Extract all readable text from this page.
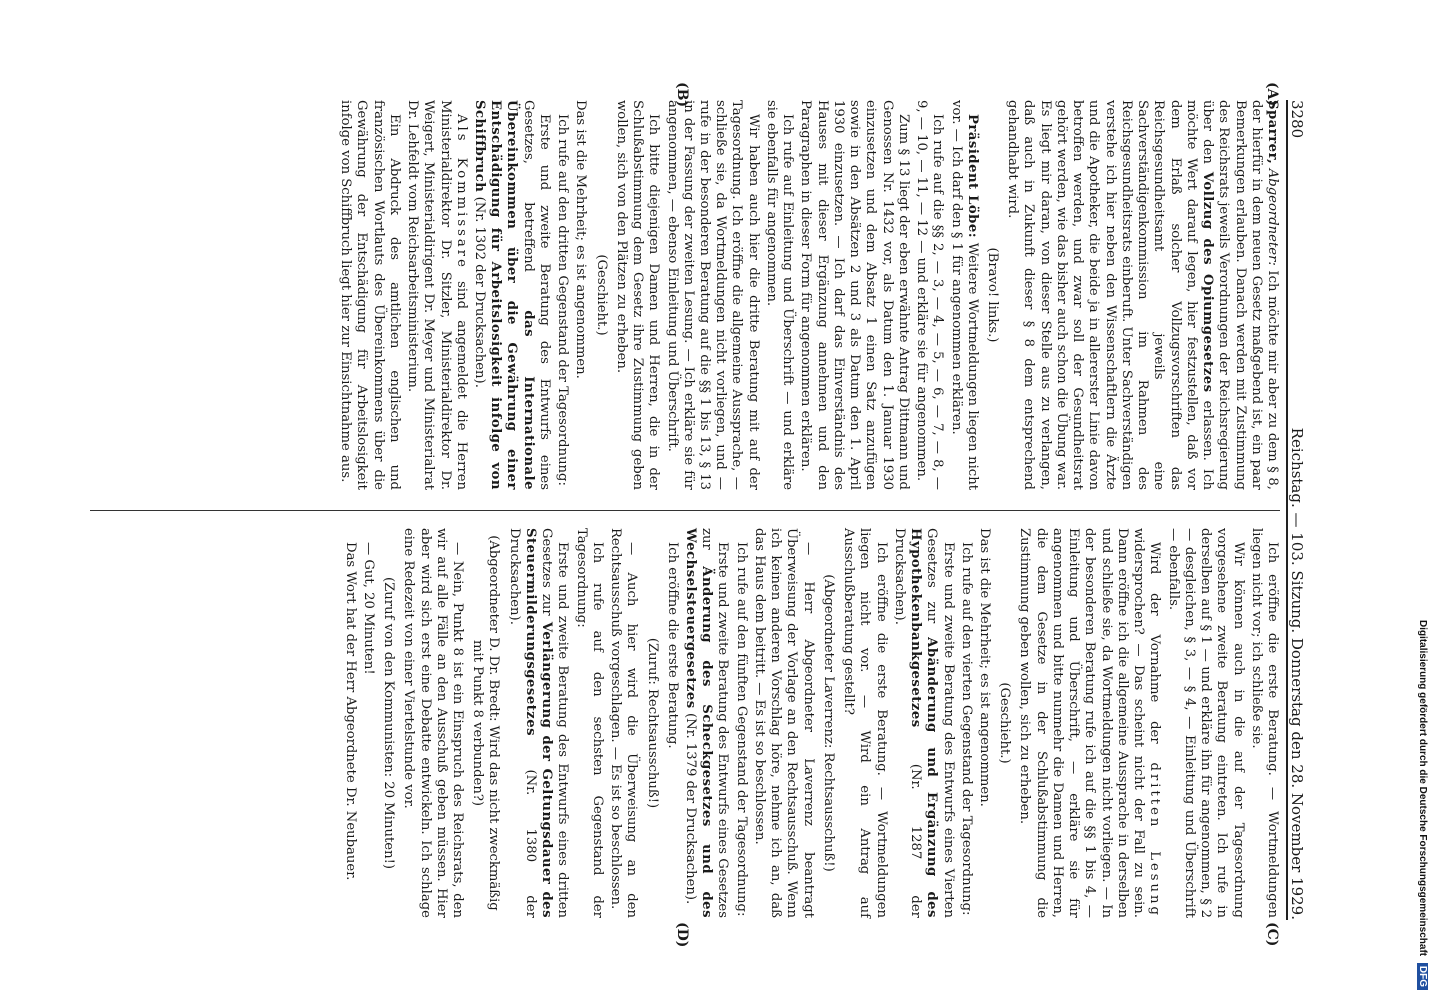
3280
Reichstag. — 103. Sitzung. Donnerstag den 28. November 1929.
(A)
(B)
(C)
(D)

Sparrer, Abgeordneter: Ich möchte mir aber zu dem § 8, der hierfür in dem neuen Gesetz maßgebend ist, ein paar Bemerkungen erlauben. Danach werden mit Zustimmung des Reichsrats jeweils Verordnungen der Reichsregierung über den Vollzug des Opiumgesetzes erlassen. Ich möchte Wert darauf legen, hier festzustellen, daß vor dem Erlaß solcher Vollzugsvorschriften das Reichsgesundheitsamt jeweils eine Sachverständigenkommission im Rahmen des Reichsgesundheitsrats einberuft. Unter Sachverständigen verstehe ich hier neben den Wissenschaftlern die Ärzte und die Apotheker, die beide ja in allererster Linie davon betroffen werden, und zwar soll der Gesundheitsrat gehört werden, wie das bisher auch schon die Übung war. Es liegt mir daran, von dieser Stelle aus zu verlangen, daß auch in Zukunft dieser § 8 dem entsprechend gehandhabt wird.

(Bravo! links.)

Präsident Löbe: Weitere Wortmeldungen liegen nicht vor. — Ich darf den § 1 für angenommen erklären.

Ich rufe auf die §§ 2, — 3, — 4, — 5, — 6, — 7, — 8, — 9, — 10, — 11, — 12 — und erkläre sie für angenommen.

Zum § 13 liegt der eben erwähnte Antrag Dittmann und Genossen Nr. 1432 vor, als Datum den 1. Januar 1930 einzusetzen und dem Absatz 1 einen Satz anzufügen sowie in den Absätzen 2 und 3 als Datum den 1. April 1930 einzusetzen. — Ich darf das Einverständnis des Hauses mit dieser Ergänzung annehmen und den Paragraphen in dieser Form für angenommen erklären.

Ich rufe auf Einleitung und Überschrift — und erkläre sie ebenfalls für angenommen.

Wir haben auch hier die dritte Beratung mit auf der Tagesordnung. Ich eröffne die allgemeine Aussprache, — schließe sie, da Wortmeldungen nicht vorliegen, und — rufe in der besonderen Beratung auf die §§ 1 bis 13, § 13 in der Fassung der zweiten Lesung. — Ich erkläre sie für angenommen, — ebenso Einleitung und Überschrift.

Ich bitte diejenigen Damen und Herren, die in der Schlußabstimmung dem Gesetz ihre Zustimmung geben wollen, sich von den Plätzen zu erheben.

(Geschieht.)

Das ist die Mehrheit; es ist angenommen.

Ich rufe auf den dritten Gegenstand der Tagesordnung:

Erste und zweite Beratung des Entwurfs eines Gesetzes, betreffend das Internationale Übereinkommen über die Gewährung einer Entschädigung für Arbeitslosigkeit infolge von Schiffbruch (Nr. 1302 der Drucksachen).

Als Kommissare sind angemeldet die Herren Ministerialdirektor Dr. Sitzler, Ministerialdirektor Dr. Weigert, Ministerialdirigent Dr. Meyer und Ministerialrat Dr. Lehfeldt vom Reichsarbeitsministerium.

Ein Abdruck des amtlichen englischen und französischen Wortlauts des Übereinkommens über die Gewährung der Entschädigung für Arbeitslosigkeit infolge von Schiffbruch liegt hier zur Einsichtnahme aus.

Ich eröffne die erste Beratung. — Wortmeldungen liegen nicht vor; ich schließe sie.

Wir können auch in die auf der Tagesordnung vorgesehene zweite Beratung eintreten. Ich rufe in derselben auf § 1 — und erkläre ihn für angenommen, § 2 — desgleichen, § 3, — § 4, — Einleitung und Überschrift — ebenfalls.

Wird der Vornahme der dritten Lesung widersprochen? — Das scheint nicht der Fall zu sein. Dann eröffne ich die allgemeine Aussprache in derselben und schließe sie, da Wortmeldungen nicht vorliegen. — In der besonderen Beratung rufe ich auf die §§ 1 bis 4, — Einleitung und Überschrift, — erkläre sie für angenommen und bitte nunmehr die Damen und Herren, die dem Gesetze in der Schlußabstimmung die Zustimmung geben wollen, sich zu erheben.

(Geschieht.)

Das ist die Mehrheit; es ist angenommen.

Ich rufe auf den vierten Gegenstand der Tagesordnung:

Erste und zweite Beratung des Entwurfs eines Vierten Gesetzes zur Abänderung und Ergänzung des Hypothekenbankgesetzes (Nr. 1287 der Drucksachen).

Ich eröffne die erste Beratung. — Wortmeldungen liegen nicht vor. — Wird ein Antrag auf Ausschußberatung gestellt?

(Abgeordneter Laverrenz: Rechtsausschuß!)

— Herr Abgeordneter Laverrenz beantragt Überweisung der Vorlage an den Rechtsausschuß. Wenn ich keinen anderen Vorschlag höre, nehme ich an, daß das Haus dem beitritt. — Es ist so beschlossen.

Ich rufe auf den fünften Gegenstand der Tagesordnung:

Erste und zweite Beratung des Entwurfs eines Gesetzes zur Änderung des Scheckgesetzes und des Wechselsteuergesetzes (Nr. 1379 der Drucksachen).

Ich eröffne die erste Beratung.

(Zuruf: Rechtsausschuß!)

— Auch hier wird die Überweisung an den Rechtsausschuß vorgeschlagen. — Es ist so beschlossen.

Ich rufe auf den sechsten Gegenstand der Tagesordnung:

Erste und zweite Beratung des Entwurfs eines dritten Gesetzes zur Verlängerung der Geltungsdauer des Steuermilderungsgesetzes (Nr. 1380 der Drucksachen).

(Abgeordneter D. Dr. Bredt: Wird das nicht zweckmäßig mit Punkt 8 verbunden?)

— Nein, Punkt 8 ist ein Einspruch des Reichsrats, den wir auf alle Fälle an den Ausschuß geben müssen. Hier aber wird sich erst eine Debatte entwickeln. Ich schlage eine Redezeit von einer Viertelstunde vor.

(Zuruf von den Kommunisten: 20 Minuten!)

— Gut, 20 Minuten!

Das Wort hat der Herr Abgeordnete Dr. Neubauer.	Digitalisierung gefördert durch die Deutsche Forschungsgemeinschaft DFG
